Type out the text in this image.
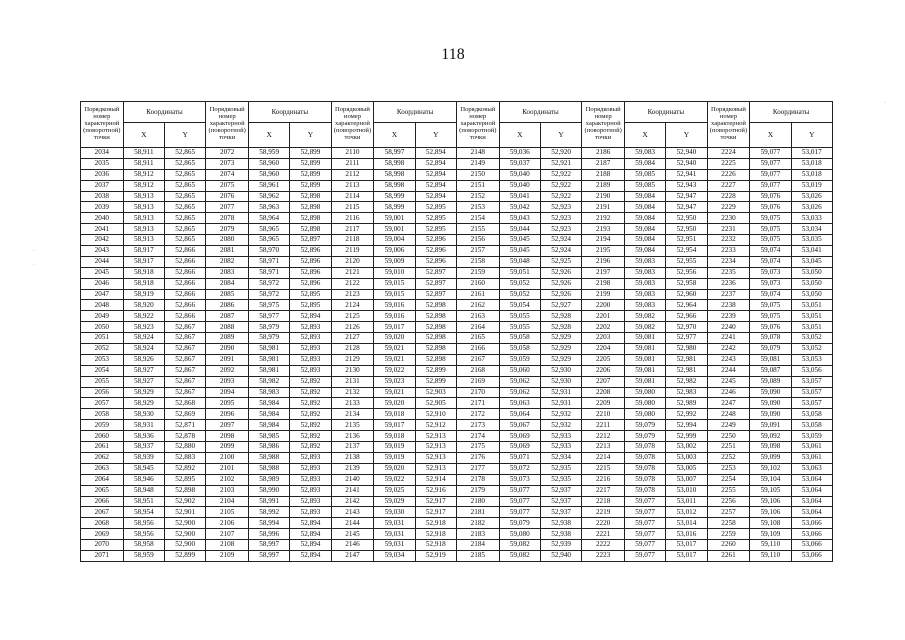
118
·
·
·
Порядковый номер характерной (поворотной) точки	Координаты		Порядковый номер характерной (поворотной) точки	Координаты		Порядковый номер характерной (поворотной) точки	Координаты		Порядковый номер характерной (поворотной) точки	Координаты		Порядковый номер характерной (поворотной) точки	Координаты		Порядковый номер характерной (поворотной) точки	Координаты	
	X	Y		X	Y		X	Y		X	Y		X	Y		X	Y
2034	58,911	52,865	2072	58,959	52,899	2110	58,997	52,894	2148	59,036	52,920	2186	59,083	52,940	2224	59,077	53,017
2035	58,911	52,865	2073	58,960	52,899	2111	58,998	52,894	2149	59,037	52,921	2187	59,084	52,940	2225	59,077	53,018
2036	58,912	52,865	2074	58,960	52,899	2112	58,998	52,894	2150	59,040	52,922	2188	59,085	52,941	2226	59,077	53,018
2037	58,912	52,865	2075	58,961	52,899	2113	58,998	52,894	2151	59,040	52,922	2189	59,085	52,943	2227	59,077	53,019
2038	58,913	52,865	2076	58,962	52,898	2114	58,999	52,894	2152	59,041	52,922	2190	59,084	52,947	2228	59,076	53,026
2039	58,913	52,865	2077	58,963	52,898	2115	58,999	52,895	2153	59,042	52,923	2191	59,084	52,947	2229	59,076	53,026
2040	58,913	52,865	2078	58,964	52,898	2116	59,001	52,895	2154	59,043	52,923	2192	59,084	52,950	2230	59,075	53,033
2041	58,913	52,865	2079	58,965	52,898	2117	59,001	52,895	2155	59,044	52,923	2193	59,084	52,950	2231	59,075	53,034
2042	58,913	52,865	2080	58,965	52,897	2118	59,004	52,896	2156	59,045	52,924	2194	59,084	52,951	2232	59,075	53,035
2043	58,917	52,866	2081	58,970	52,896	2119	59,006	52,896	2157	59,045	52,924	2195	59,084	52,954	2233	59,074	53,041
2044	58,917	52,866	2082	58,971	52,896	2120	59,009	52,896	2158	59,048	52,925	2196	59,083	52,955	2234	59,074	53,045
2045	58,918	52,866	2083	58,971	52,896	2121	59,010	52,897	2159	59,051	52,926	2197	59,083	52,956	2235	59,073	53,050
2046	58,918	52,866	2084	58,972	52,896	2122	59,015	52,897	2160	59,052	52,926	2198	59,083	52,958	2236	59,073	53,050
2047	58,919	52,866	2085	58,972	52,895	2123	59,015	52,897	2161	59,052	52,926	2199	59,083	52,960	2237	59,074	53,050
2048	58,920	52,866	2086	58,975	52,895	2124	59,016	52,898	2162	59,054	52,927	2200	59,083	52,964	2238	59,075	53,051
2049	58,922	52,866	2087	58,977	52,894	2125	59,016	52,898	2163	59,055	52,928	2201	59,082	52,966	2239	59,075	53,051
2050	58,923	52,867	2088	58,979	52,893	2126	59,017	52,898	2164	59,055	52,928	2202	59,082	52,970	2240	59,076	53,051
2051	58,924	52,867	2089	58,979	52,893	2127	59,020	52,898	2165	59,058	52,929	2203	59,081	52,977	2241	59,078	53,052
2052	58,924	52,867	2090	58,981	52,893	2128	59,021	52,898	2166	59,058	52,929	2204	59,081	52,980	2242	59,079	53,052
2053	58,926	52,867	2091	58,981	52,893	2129	59,021	52,898	2167	59,059	52,929	2205	59,081	52,981	2243	59,081	53,053
2054	58,927	52,867	2092	58,981	52,893	2130	59,022	52,899	2168	59,060	52,930	2206	59,081	52,981	2244	59,087	53,056
2055	58,927	52,867	2093	58,982	52,892	2131	59,023	52,899	2169	59,062	52,930	2207	59,081	52,982	2245	59,089	53,057
2056	58,929	52,867	2094	58,983	52,892	2132	59,021	52,903	2170	59,062	52,931	2208	59,080	52,983	2246	59,090	53,057
2057	58,929	52,868	2095	58,984	52,892	2133	59,020	52,905	2171	59,063	52,931	2209	59,080	52,989	2247	59,090	53,057
2058	58,930	52,869	2096	58,984	52,892	2134	59,018	52,910	2172	59,064	52,932	2210	59,080	52,992	2248	59,090	53,058
2059	58,931	52,871	2097	58,984	52,892	2135	59,017	52,912	2173	59,067	52,932	2211	59,079	52,994	2249	59,091	53,058
2060	58,936	52,878	2098	58,985	52,892	2136	59,018	52,913	2174	59,069	52,933	2212	59,079	52,999	2250	59,092	53,059
2061	58,937	52,880	2099	58,986	52,892	2137	59,019	52,913	2175	59,069	52,933	2213	59,078	53,002	2251	59,098	53,061
2062	58,939	52,883	2100	58,988	52,893	2138	59,019	52,913	2176	59,071	52,934	2214	59,078	53,003	2252	59,099	53,061
2063	58,945	52,892	2101	58,988	52,893	2139	59,020	52,913	2177	59,072	52,935	2215	59,078	53,005	2253	59,102	53,063
2064	58,946	52,895	2102	58,989	52,893	2140	59,022	52,914	2178	59,073	52,935	2216	59,078	53,007	2254	59,104	53,064
2065	58,948	52,898	2103	58,990	52,893	2141	59,025	52,916	2179	59,077	52,937	2217	59,078	53,010	2255	59,105	53,064
2066	58,951	52,902	2104	58,991	52,893	2142	59,029	52,917	2180	59,077	52,937	2218	59,077	53,011	2256	59,106	53,064
2067	58,954	52,901	2105	58,992	52,893	2143	59,030	52,917	2181	59,077	52,937	2219	59,077	53,012	2257	59,106	53,064
2068	58,956	52,900	2106	58,994	52,894	2144	59,031	52,918	2182	59,079	52,938	2220	59,077	53,014	2258	59,108	53,066
2069	58,956	52,900	2107	58,996	52,894	2145	59,031	52,918	2183	59,080	52,938	2221	59,077	53,016	2259	59,109	53,066
2070	58,958	52,900	2108	58,997	52,894	2146	59,031	52,918	2184	59,082	52,939	2222	59,077	53,017	2260	59,110	53,066
2071	58,959	52,899	2109	58,997	52,894	2147	59,034	52,919	2185	59,082	52,940	2223	59,077	53,017	2261	59,110	53,066
